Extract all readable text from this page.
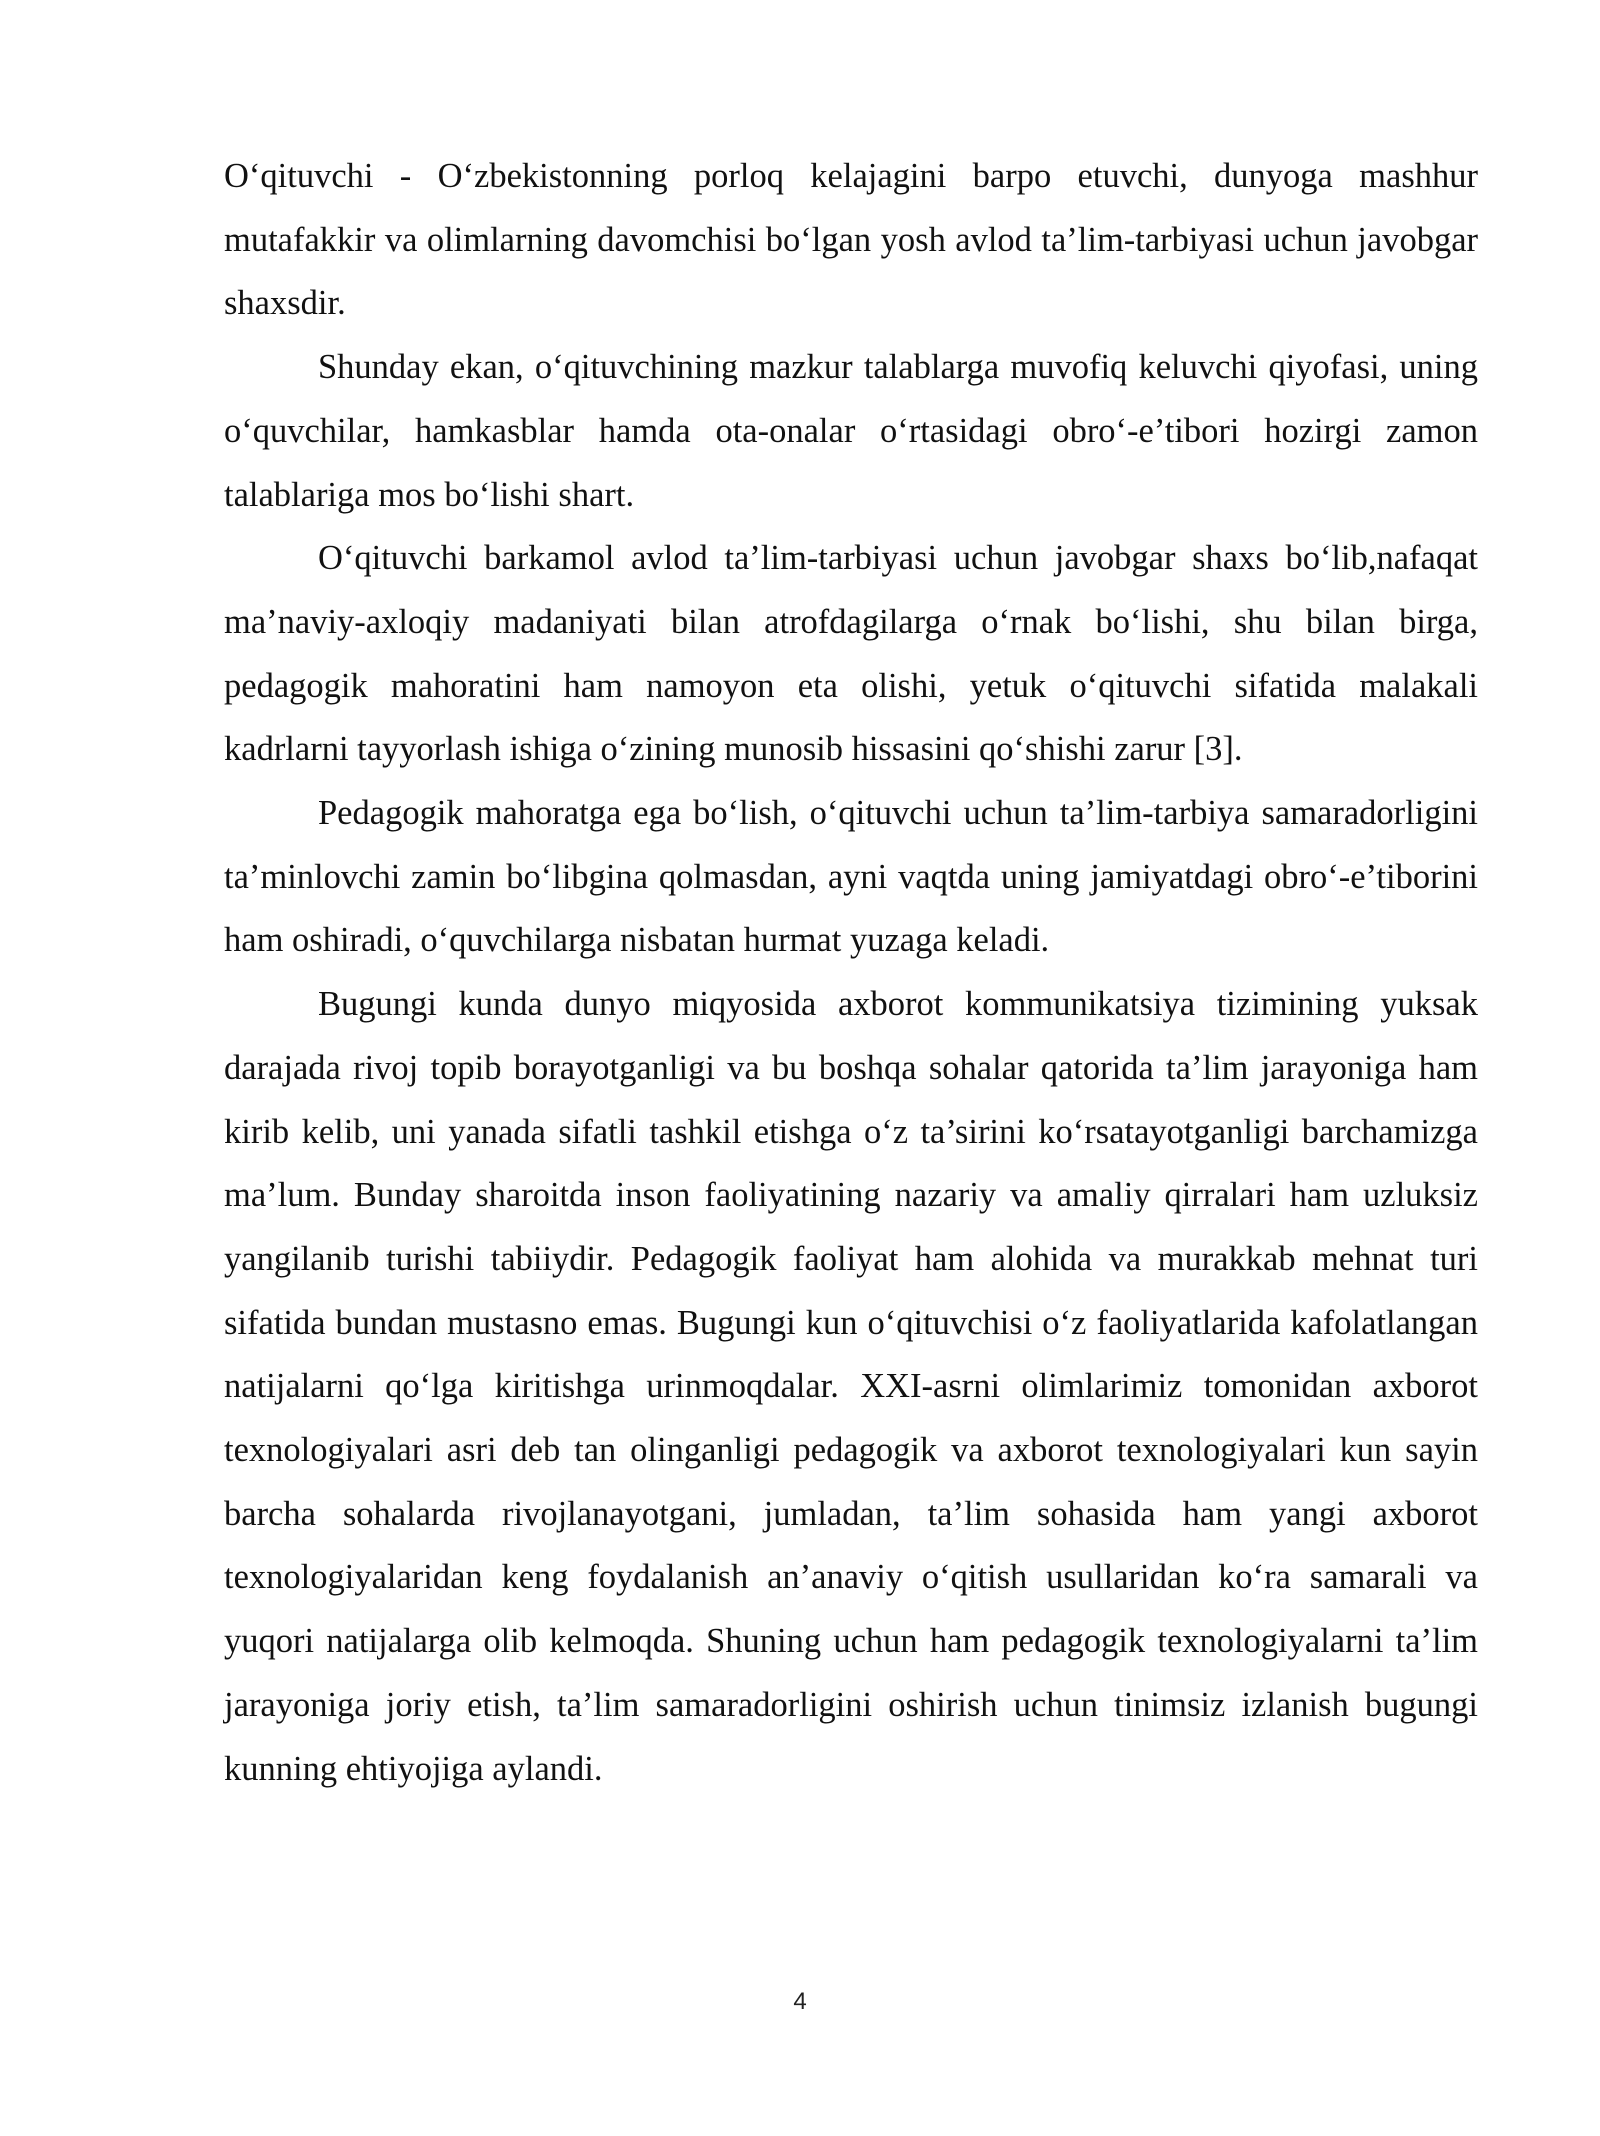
O‘qituvchi - O‘zbekistonning porloq kelajagini barpo etuvchi, dunyoga mashhur mutafakkir va olimlarning davomchisi bo‘lgan yosh avlod ta’lim-tarbiyasi uchun javobgar shaxsdir.

Shunday ekan, o‘qituvchining mazkur talablarga muvofiq keluvchi qiyofasi, uning o‘quvchilar, hamkasblar hamda ota-onalar o‘rtasidagi obro‘-e’tibori hozirgi zamon talablariga mos bo‘lishi shart.

O‘qituvchi barkamol avlod ta’lim-tarbiyasi uchun javobgar shaxs bo‘lib,nafaqat ma’naviy-axloqiy madaniyati bilan atrofdagilarga o‘rnak bo‘lishi, shu bilan birga, pedagogik mahoratini ham namoyon eta olishi, yetuk o‘qituvchi sifatida malakali kadrlarni tayyorlash ishiga o‘zining munosib hissasini qo‘shishi zarur [3].

Pedagogik mahoratga ega bo‘lish, o‘qituvchi uchun ta’lim-tarbiya samaradorligini ta’minlovchi zamin bo‘libgina qolmasdan, ayni vaqtda uning jamiyatdagi obro‘-e’tiborini ham oshiradi, o‘quvchilarga nisbatan hurmat yuzaga keladi.

Bugungi kunda dunyo miqyosida axborot kommunikatsiya tizimining yuksak darajada rivoj topib borayotganligi va bu boshqa sohalar qatorida ta’lim jarayoniga ham kirib kelib, uni yanada sifatli tashkil etishga o‘z ta’sirini ko‘rsatayotganligi barchamizga ma’lum. Bunday sharoitda inson faoliyatining nazariy va amaliy qirralari ham uzluksiz yangilanib turishi tabiiydir. Pedagogik faoliyat ham alohida va murakkab mehnat turi sifatida bundan mustasno emas. Bugungi kun o‘qituvchisi o‘z faoliyatlarida kafolatlangan natijalarni qo‘lga kiritishga urinmoqdalar. XXI-asrni olimlarimiz tomonidan axborot texnologiyalari asri deb tan olinganligi pedagogik va axborot texnologiyalari kun sayin barcha sohalarda rivojlanayotgani, jumladan, ta’lim sohasida ham yangi axborot texnologiyalaridan keng foydalanish an’anaviy o‘qitish usullaridan ko‘ra samarali va yuqori natijalarga olib kelmoqda. Shuning uchun ham pedagogik texnologiyalarni ta’lim jarayoniga joriy etish, ta’lim samaradorligini oshirish uchun tinimsiz izlanish bugungi kunning ehtiyojiga aylandi.

4
